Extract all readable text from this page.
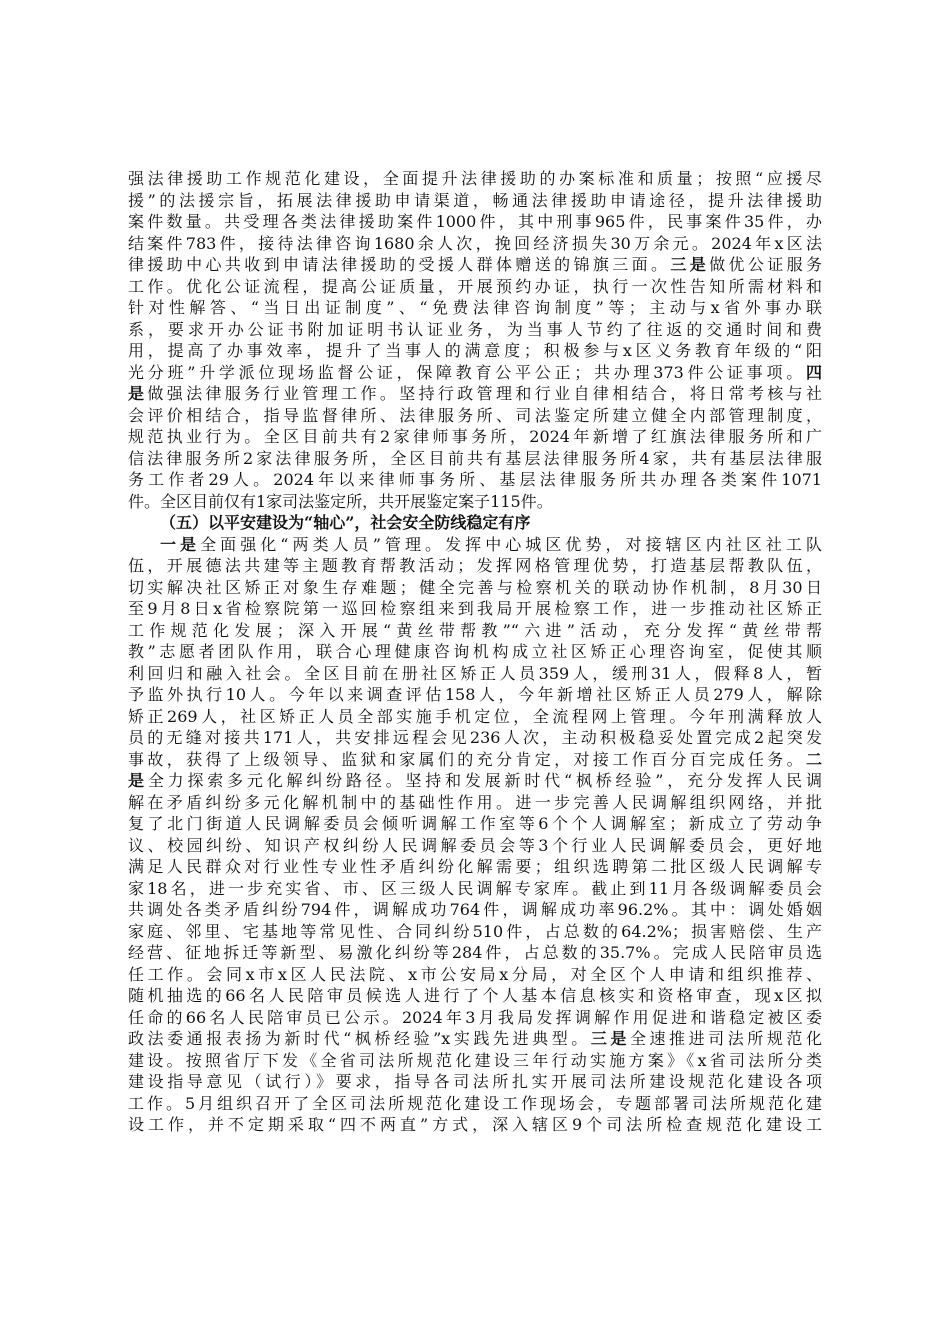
强法律援助工作规范化建设，全面提升法律援助的办案标准和质量；按照“应援尽
援”的法援宗旨，拓展法律援助申请渠道，畅通法律援助申请途径，提升法律援助
案件数量。共受理各类法律援助案件1000件，其中刑事965件，民事案件35件，办
结案件783件，接待法律咨询1680余人次，挽回经济损失30万余元。2024年x区法
律援助中心共收到申请法律援助的受援人群体赠送的锦旗三面。三是做优公证服务
工作。优化公证流程，提高公证质量，开展预约办证，执行一次性告知所需材料和
针对性解答、“当日出证制度”、“免费法律咨询制度”等；主动与x省外事办联
系，要求开办公证书附加证明书认证业务，为当事人节约了往返的交通时间和费
用，提高了办事效率，提升了当事人的满意度；积极参与x区义务教育年级的“阳
光分班”升学派位现场监督公证，保障教育公平公正；共办理373件公证事项。四
是做强法律服务行业管理工作。坚持行政管理和行业自律相结合，将日常考核与社
会评价相结合，指导监督律所、法律服务所、司法鉴定所建立健全内部管理制度，
规范执业行为。全区目前共有2家律师事务所，2024年新增了红旗法律服务所和广
信法律服务所2家法律服务所，全区目前共有基层法律服务所4家，共有基层法律服
务工作者29人。2024年以来律师事务所、基层法律服务所共办理各类案件1071
件。全区目前仅有1家司法鉴定所，共开展鉴定案子115件。
（五）以平安建设为“轴心”，社会安全防线稳定有序
一是全面强化“两类人员”管理。发挥中心城区优势，对接辖区内社区社工队
伍，开展德法共建等主题教育帮教活动；发挥网格管理优势，打造基层帮教队伍，
切实解决社区矫正对象生存难题；健全完善与检察机关的联动协作机制，8月30日
至9月8日x省检察院第一巡回检察组来到我局开展检察工作，进一步推动社区矫正
工作规范化发展；深入开展“黄丝带帮教”“六进”活动，充分发挥“黄丝带帮
教”志愿者团队作用，联合心理健康咨询机构成立社区矫正心理咨询室，促使其顺
利回归和融入社会。全区目前在册社区矫正人员359人，缓刑31人，假释8人，暂
予监外执行10人。今年以来调查评估158人，今年新增社区矫正人员279人，解除
矫正269人，社区矫正人员全部实施手机定位，全流程网上管理。今年刑满释放人
员的无缝对接共171人，共安排远程会见236人次，主动积极稳妥处置完成2起突发
事故，获得了上级领导、监狱和家属们的充分肯定，对接工作百分百完成任务。二
是全力探索多元化解纠纷路径。坚持和发展新时代“枫桥经验”，充分发挥人民调
解在矛盾纠纷多元化解机制中的基础性作用。进一步完善人民调解组织网络，并批
复了北门街道人民调解委员会倾听调解工作室等6个个人调解室；新成立了劳动争
议、校园纠纷、知识产权纠纷人民调解委员会等3个行业人民调解委员会，更好地
满足人民群众对行业性专业性矛盾纠纷化解需要；组织选聘第二批区级人民调解专
家18名，进一步充实省、市、区三级人民调解专家库。截止到11月各级调解委员会
共调处各类矛盾纠纷794件，调解成功764件，调解成功率96.2%。其中：调处婚姻
家庭、邻里、宅基地等常见性、合同纠纷510件，占总数的64.2%；损害赔偿、生产
经营、征地拆迁等新型、易激化纠纷等284件，占总数的35.7%。完成人民陪审员选
任工作。会同x市x区人民法院、x市公安局x分局，对全区个人申请和组织推荐、
随机抽选的66名人民陪审员候选人进行了个人基本信息核实和资格审查，现x区拟
任命的66名人民陪审员已公示。2024年3月我局发挥调解作用促进和谐稳定被区委
政法委通报表扬为新时代“枫桥经验”x实践先进典型。三是全速推进司法所规范化
建设。按照省厅下发《全省司法所规范化建设三年行动实施方案》《x省司法所分类
建设指导意见（试行）》要求，指导各司法所扎实开展司法所建设规范化建设各项
工作。5月组织召开了全区司法所规范化建设工作现场会，专题部署司法所规范化建
设工作，并不定期采取“四不两直”方式，深入辖区9个司法所检查规范化建设工
